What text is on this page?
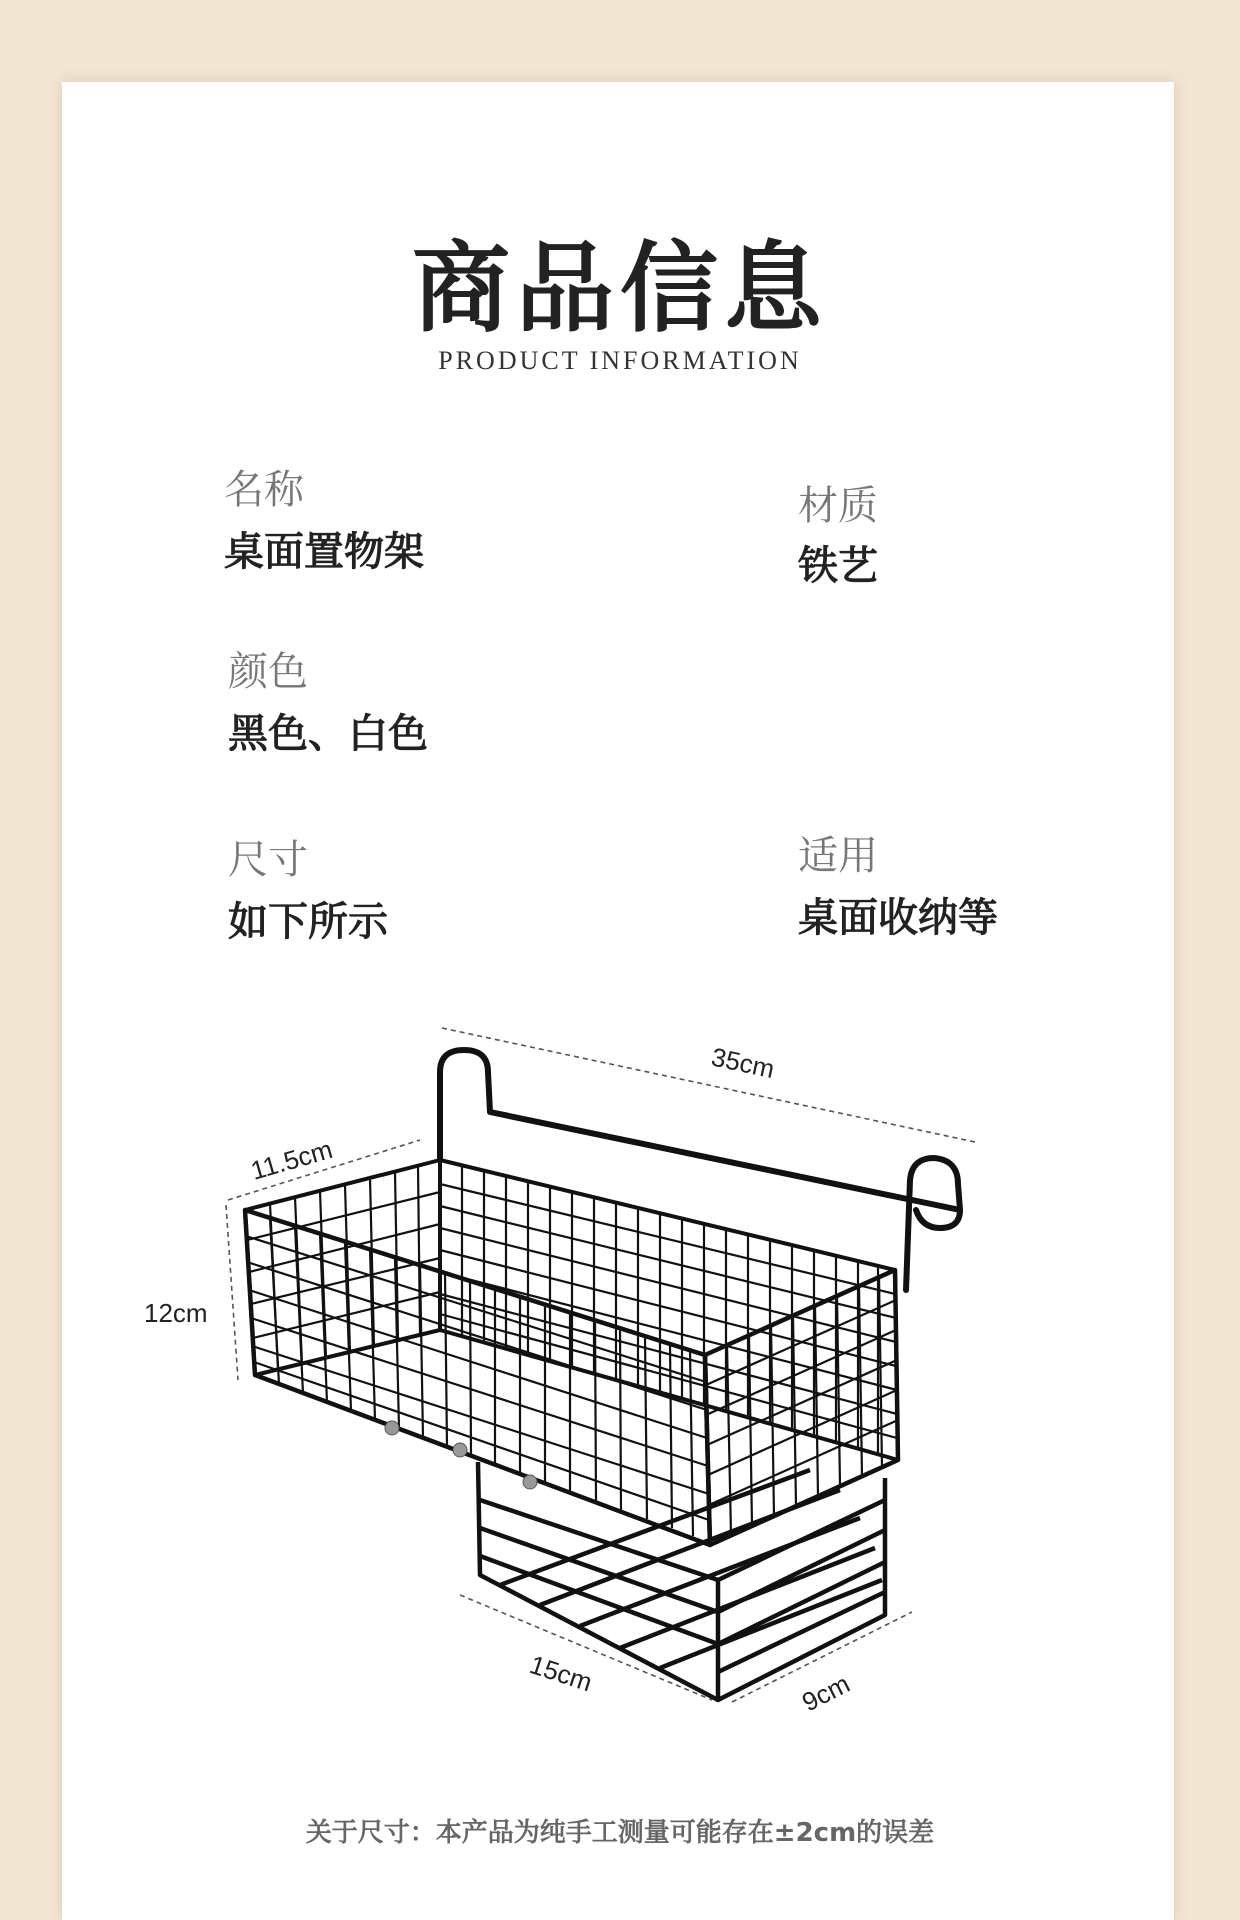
商品信息
PRODUCT INFORMATION
名称
桌面置物架
材质
铁艺
颜色
黑色、白色
尺寸
如下所示
适用
桌面收纳等
35cm
11.5cm
12cm
15cm	9cm
关于尺寸：本产品为纯手工测量可能存在±2cm的误差
